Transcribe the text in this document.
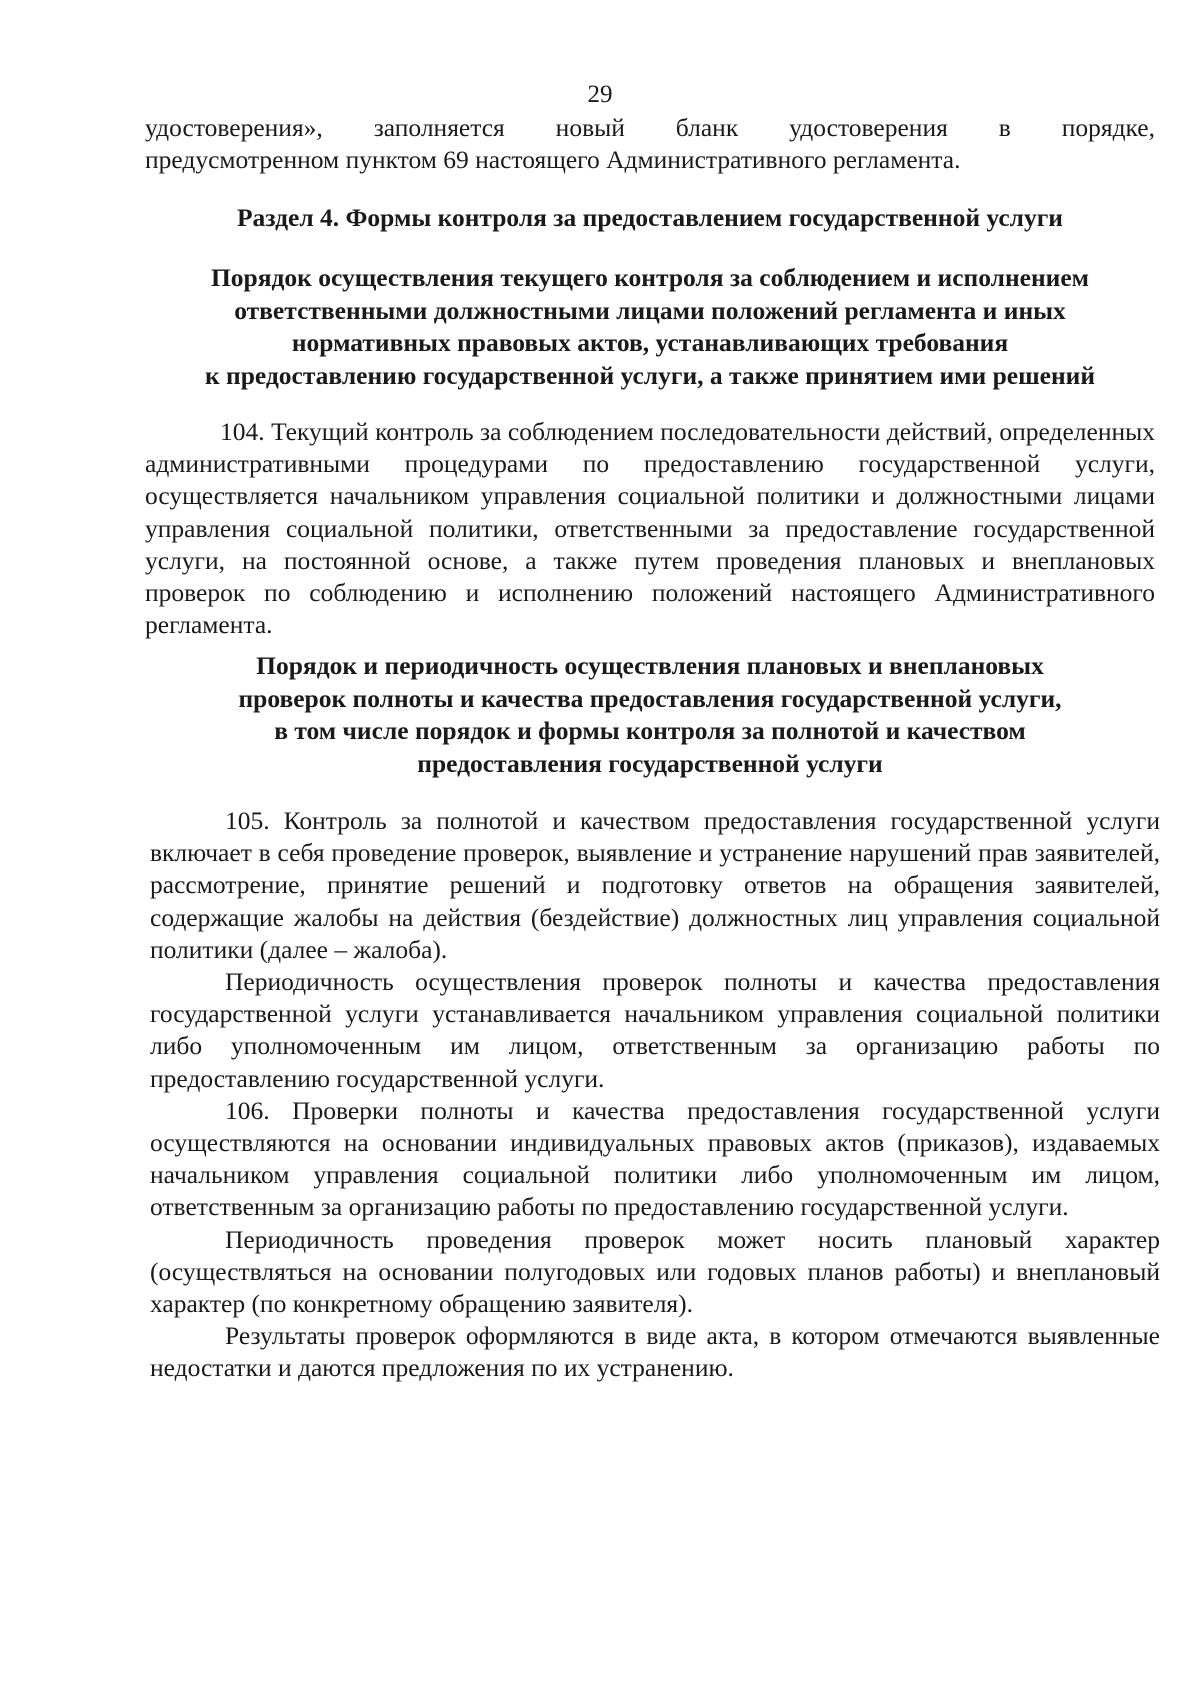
29

удостоверения», заполняется новый бланк удостоверения в порядке,
предусмотренном пунктом 69 настоящего Административного регламента.

Раздел 4. Формы контроля за предоставлением государственной услуги

Порядок осуществления текущего контроля за соблюдением и исполнением
ответственными должностными лицами положений регламента и иных
нормативных правовых актов, устанавливающих требования
к предоставлению государственной услуги, а также принятием ими решений

104. Текущий контроль за соблюдением последовательности действий, определенных административными процедурами по предоставлению государственной услуги, осуществляется начальником управления социальной политики и должностными лицами управления социальной политики, ответственными за предоставление государственной услуги, на постоянной основе, а также путем проведения плановых и внеплановых проверок по соблюдению и исполнению положений настоящего Административного регламента.

Порядок и периодичность осуществления плановых и внеплановых
проверок полноты и качества предоставления государственной услуги,
в том числе порядок и формы контроля за полнотой и качеством
предоставления государственной услуги

105. Контроль за полнотой и качеством предоставления государственной услуги включает в себя проведение проверок, выявление и устранение нарушений прав заявителей, рассмотрение, принятие решений и подготовку ответов на обращения заявителей, содержащие жалобы на действия (бездействие) должностных лиц управления социальной политики (далее – жалоба).

Периодичность осуществления проверок полноты и качества предоставления государственной услуги устанавливается начальником управления социальной политики либо уполномоченным им лицом, ответственным за организацию работы по предоставлению государственной услуги.

106. Проверки полноты и качества предоставления государственной услуги осуществляются на основании индивидуальных правовых актов (приказов), издаваемых начальником управления социальной политики либо уполномоченным им лицом, ответственным за организацию работы по предоставлению государственной услуги.

Периодичность проведения проверок может носить плановый характер (осуществляться на основании полугодовых или годовых планов работы) и внеплановый характер (по конкретному обращению заявителя).

Результаты проверок оформляются в виде акта, в котором отмечаются выявленные недостатки и даются предложения по их устранению.
